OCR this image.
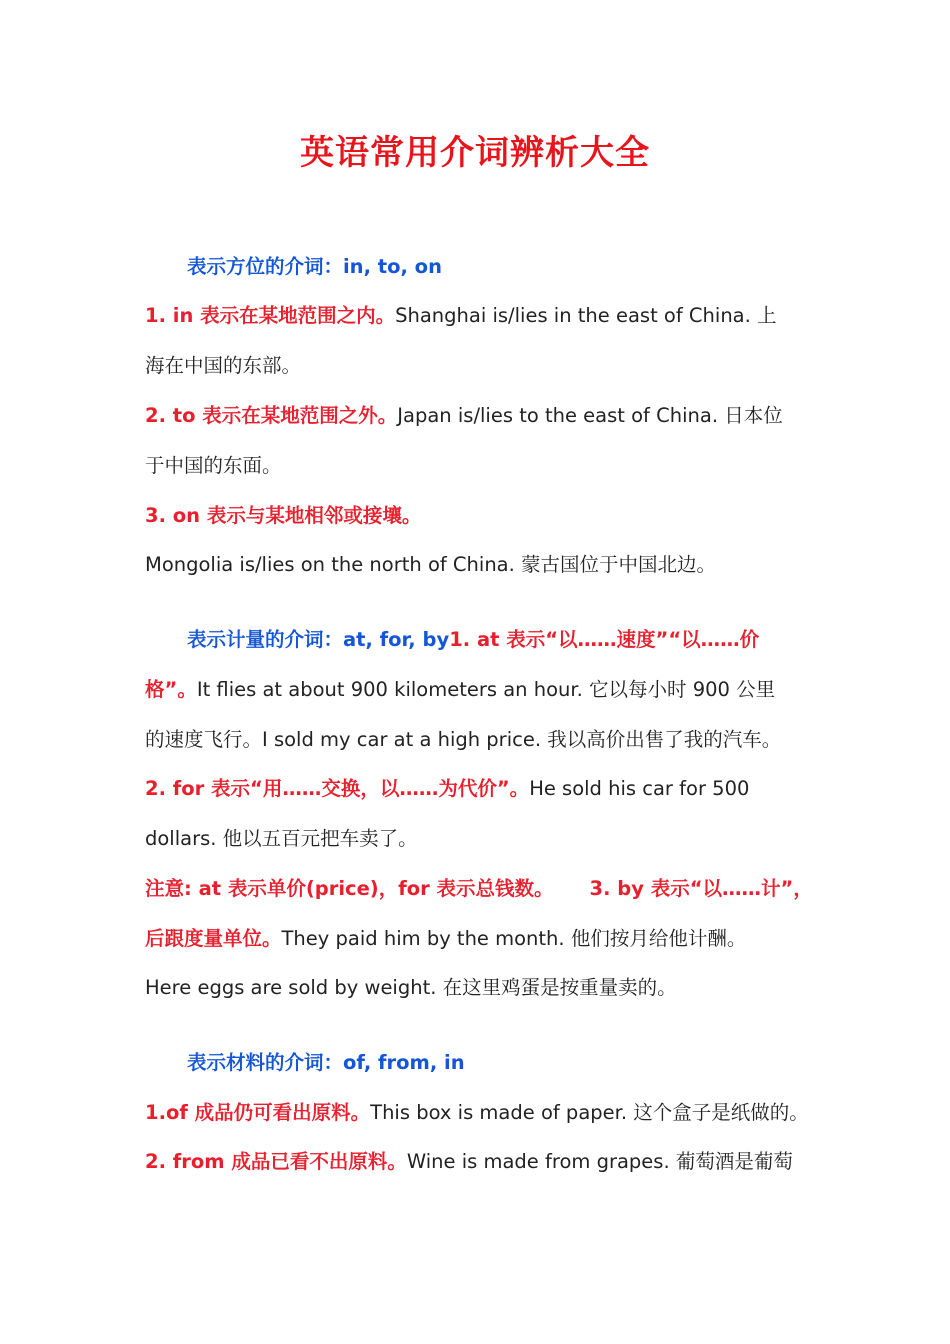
英语常用介词辨析大全
表示方位的介词：in, to, on
1. in 表示在某地范围之内。Shanghai is/lies in the east of China. 上
海在中国的东部。
2. to 表示在某地范围之外。Japan is/lies to the east of China. 日本位
于中国的东面。
3. on 表示与某地相邻或接壤。
Mongolia is/lies on the north of China. 蒙古国位于中国北边。
表示计量的介词：at, for, by1. at 表示“以……速度”“以……价
格”。It flies at about 900 kilometers an hour. 它以每小时 900 公里
的速度飞行。I sold my car at a high price. 我以高价出售了我的汽车。
2. for 表示“用……交换，以……为代价”。He sold his car for 500
dollars. 他以五百元把车卖了。
注意: at 表示单价(price)，for 表示总钱数。 3. by 表示“以……计”，
后跟度量单位。They paid him by the month. 他们按月给他计酬。
Here eggs are sold by weight. 在这里鸡蛋是按重量卖的。
表示材料的介词：of, from, in
1.of 成品仍可看出原料。This box is made of paper. 这个盒子是纸做的。
2. from 成品已看不出原料。Wine is made from grapes. 葡萄酒是葡萄
